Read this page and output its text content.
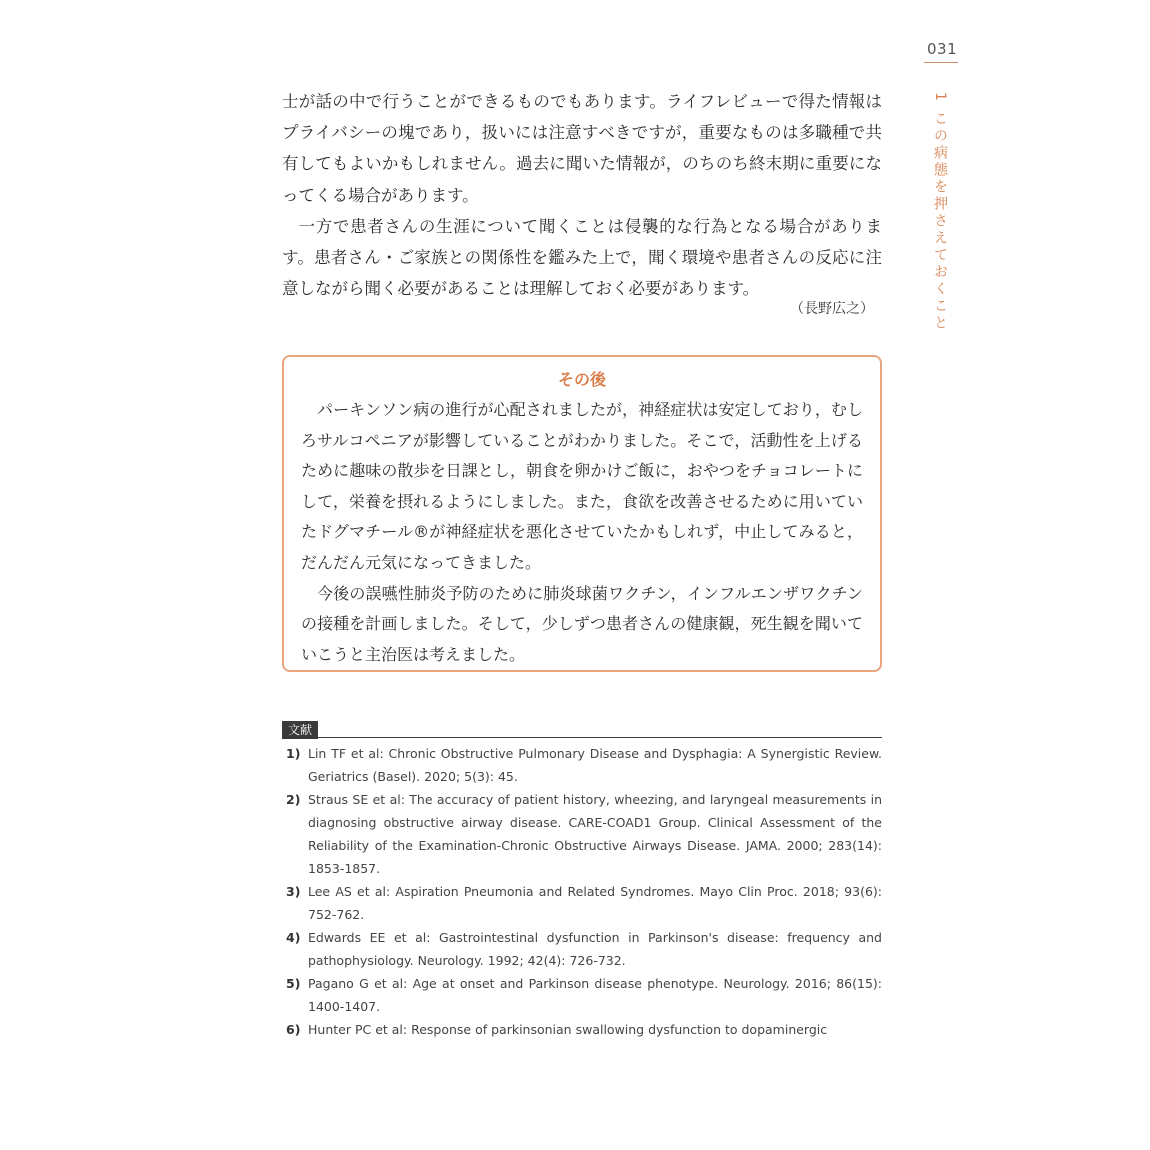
031
1 この病態を押さえておくこと

士が話の中で行うことができるものでもあります。ライフレビューで得た情報はプライバシーの塊であり，扱いには注意すべきですが，重要なものは多職種で共有してもよいかもしれません。過去に聞いた情報が，のちのち終末期に重要になってくる場合があります。

一方で患者さんの生涯について聞くことは侵襲的な行為となる場合があります。患者さん・ご家族との関係性を鑑みた上で，聞く環境や患者さんの反応に注意しながら聞く必要があることは理解しておく必要があります。

（長野広之）
その後

パーキンソン病の進行が心配されましたが，神経症状は安定しており，むしろサルコペニアが影響していることがわかりました。そこで，活動性を上げるために趣味の散歩を日課とし，朝食を卵かけご飯に，おやつをチョコレートにして，栄養を摂れるようにしました。また，食欲を改善させるために用いていたドグマチール®が神経症状を悪化させていたかもしれず，中止してみると，だんだん元気になってきました。

今後の誤嚥性肺炎予防のために肺炎球菌ワクチン，インフルエンザワクチンの接種を計画しました。そして，少しずつ患者さんの健康観，死生観を聞いていこうと主治医は考えました。

文献
1) Lin TF et al: Chronic Obstructive Pulmonary Disease and Dysphagia: A Synergistic Review. Geriatrics (Basel). 2020; 5(3): 45.
2) Straus SE et al: The accuracy of patient history, wheezing, and laryngeal measurements in diagnosing obstructive airway disease. CARE-COAD1 Group. Clinical Assessment of the Reliability of the Examination-Chronic Obstructive Airways Disease. JAMA. 2000; 283(14): 1853-1857.
3) Lee AS et al: Aspiration Pneumonia and Related Syndromes. Mayo Clin Proc. 2018; 93(6): 752-762.
4) Edwards EE et al: Gastrointestinal dysfunction in Parkinson's disease: frequency and pathophysiology. Neurology. 1992; 42(4): 726-732.
5) Pagano G et al: Age at onset and Parkinson disease phenotype. Neurology. 2016; 86(15): 1400-1407.
6) Hunter PC et al: Response of parkinsonian swallowing dysfunction to dopaminergic
